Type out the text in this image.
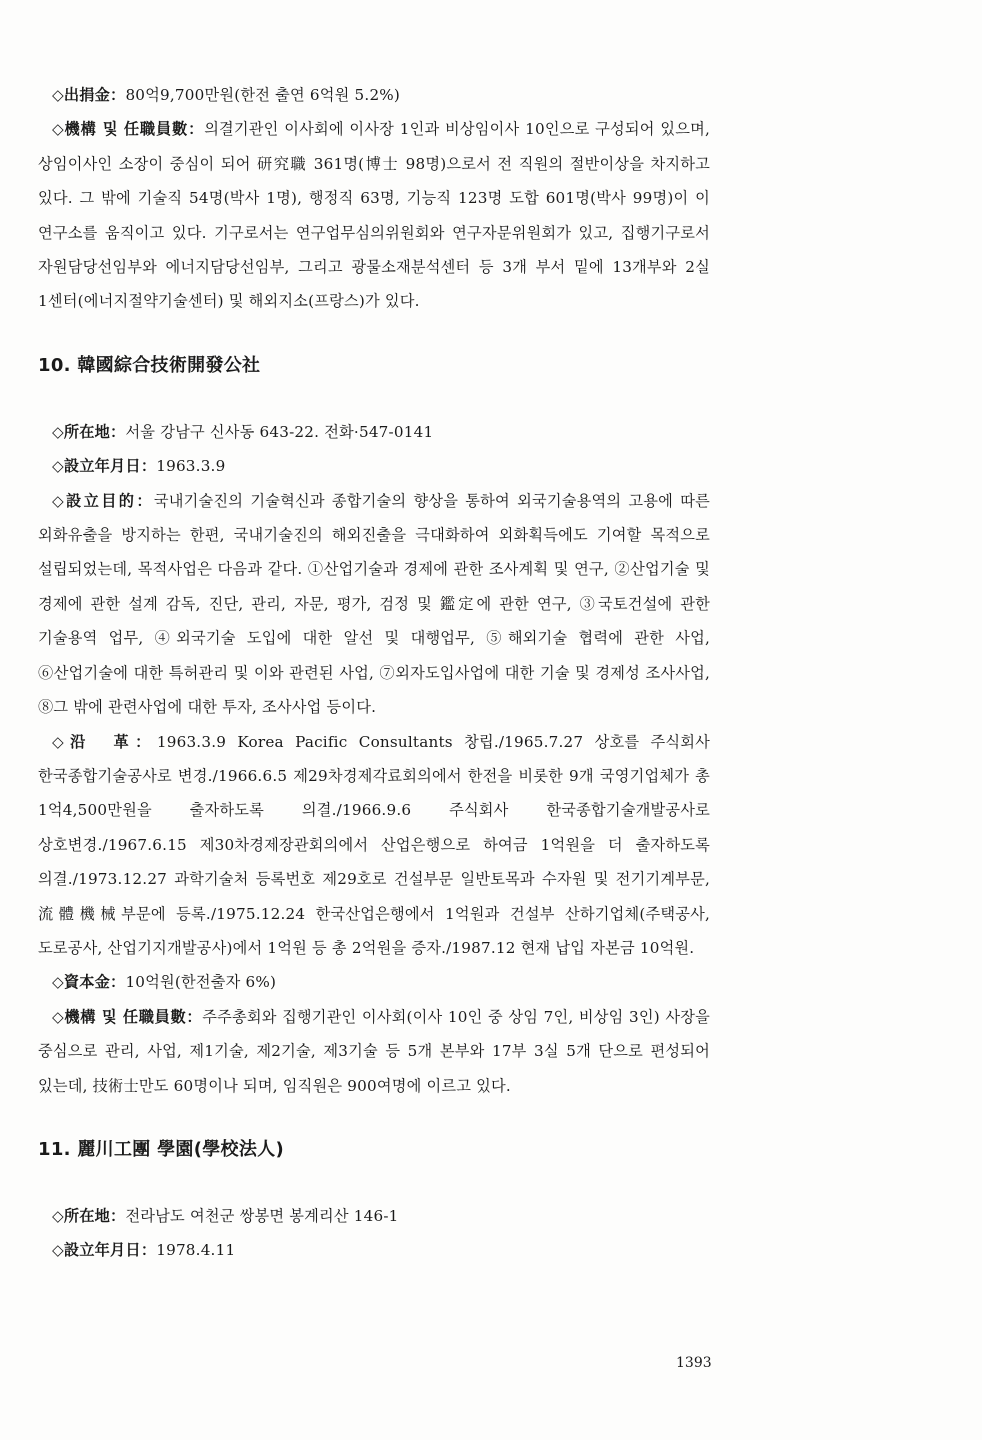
◇出捐金：80억9,700만원(한전 출연 6억원 5.2%)

◇機構 및 任職員數：의결기관인 이사회에 이사장 1인과 비상임이사 10인으로 구성되어 있으며, 상임이사인 소장이 중심이 되어 研究職 361명(博士 98명)으로서 전 직원의 절반이상을 차지하고 있다. 그 밖에 기술직 54명(박사 1명), 행정직 63명, 기능직 123명 도합 601명(박사 99명)이 이 연구소를 움직이고 있다. 기구로서는 연구업무심의위원회와 연구자문위원회가 있고, 집행기구로서 자원담당선임부와 에너지담당선임부, 그리고 광물소재분석센터 등 3개 부서 밑에 13개부와 2실 1센터(에너지절약기술센터) 및 해외지소(프랑스)가 있다.

10. 韓國綜合技術開發公社

◇所在地：서울 강남구 신사동 643-22. 전화·547-0141

◇設立年月日：1963.3.9

◇設立目的：국내기술진의 기술혁신과 종합기술의 향상을 통하여 외국기술용역의 고용에 따른 외화유출을 방지하는 한편, 국내기술진의 해외진출을 극대화하여 외화획득에도 기여할 목적으로 설립되었는데, 목적사업은 다음과 같다. ①산업기술과 경제에 관한 조사계획 및 연구, ②산업기술 및 경제에 관한 설계 감독, 진단, 관리, 자문, 평가, 검정 및 鑑定에 관한 연구, ③국토건설에 관한 기술용역 업무, ④외국기술 도입에 대한 알선 및 대행업무, ⑤해외기술 협력에 관한 사업, ⑥산업기술에 대한 특허관리 및 이와 관련된 사업, ⑦외자도입사업에 대한 기술 및 경제성 조사사업, ⑧그 밖에 관련사업에 대한 투자, 조사사업 등이다.

◇沿　革：1963.3.9 Korea Pacific Consultants 창립./1965.7.27 상호를 주식회사 한국종합기술공사로 변경./1966.6.5 제29차경제각료회의에서 한전을 비롯한 9개 국영기업체가 총 1억4,500만원을 출자하도록 의결./1966.9.6 주식회사 한국종합기술개발공사로 상호변경./1967.6.15 제30차경제장관회의에서 산업은행으로 하여금 1억원을 더 출자하도록 의결./1973.12.27 과학기술처 등록번호 제29호로 건설부문 일반토목과 수자원 및 전기기계부문, 流體機械부문에 등록./1975.12.24 한국산업은행에서 1억원과 건설부 산하기업체(주택공사, 도로공사, 산업기지개발공사)에서 1억원 등 총 2억원을 증자./1987.12 현재 납입 자본금 10억원.

◇資本金：10억원(한전출자 6%)

◇機構 및 任職員數：주주총회와 집행기관인 이사회(이사 10인 중 상임 7인, 비상임 3인) 사장을 중심으로 관리, 사업, 제1기술, 제2기술, 제3기술 등 5개 본부와 17부 3실 5개 단으로 편성되어 있는데, 技術士만도 60명이나 되며, 임직원은 900여명에 이르고 있다.

11. 麗川工團 學園(學校法人)

◇所在地：전라남도 여천군 쌍봉면 봉계리산 146-1

◇設立年月日：1978.4.11

1393
